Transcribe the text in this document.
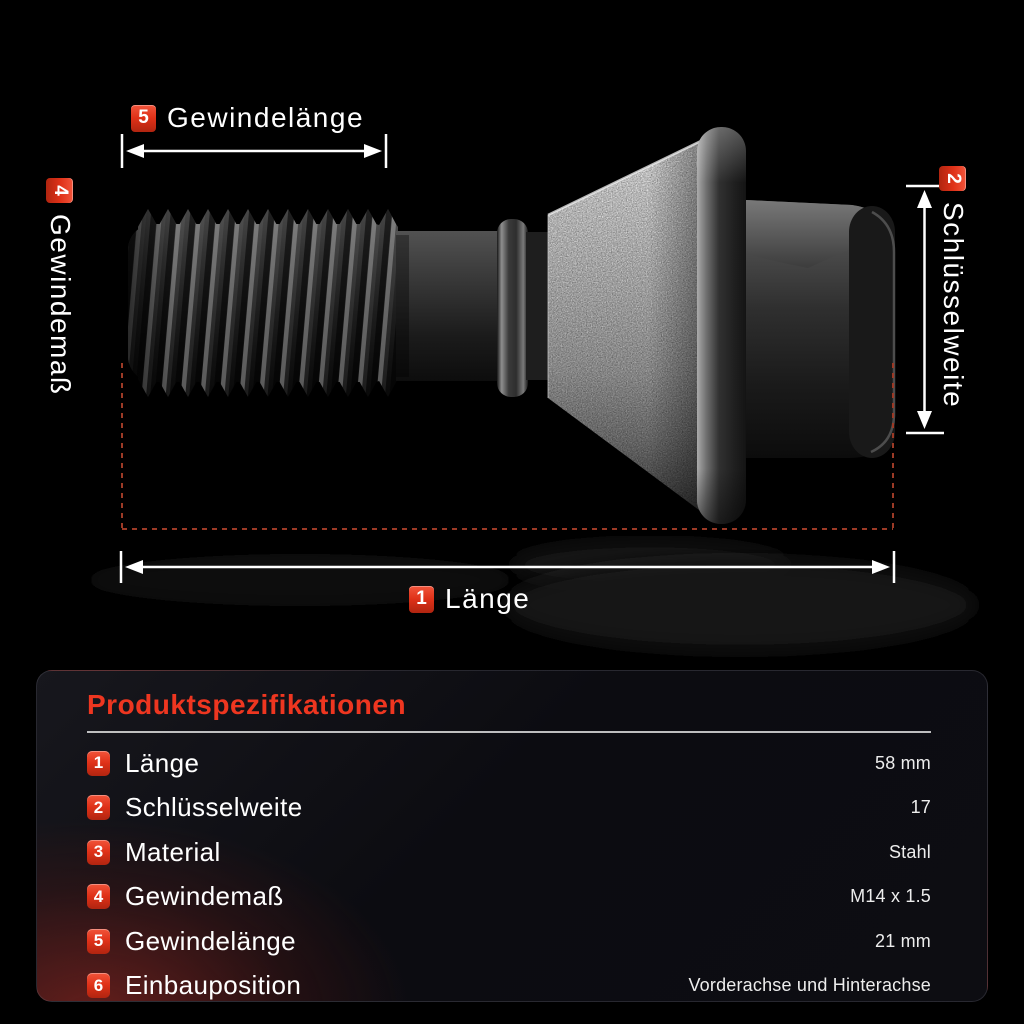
5 Gewindelänge
4
Gewindemaß
2
Schlüsselweite
1 Länge
Produktspezifikationen
1 Länge	58 mm
2 Schlüsselweite	17
3 Material	Stahl
4 Gewindemaß	M14 x 1.5
5 Gewindelänge	21 mm
6 Einbauposition	Vorderachse und Hinterachse
